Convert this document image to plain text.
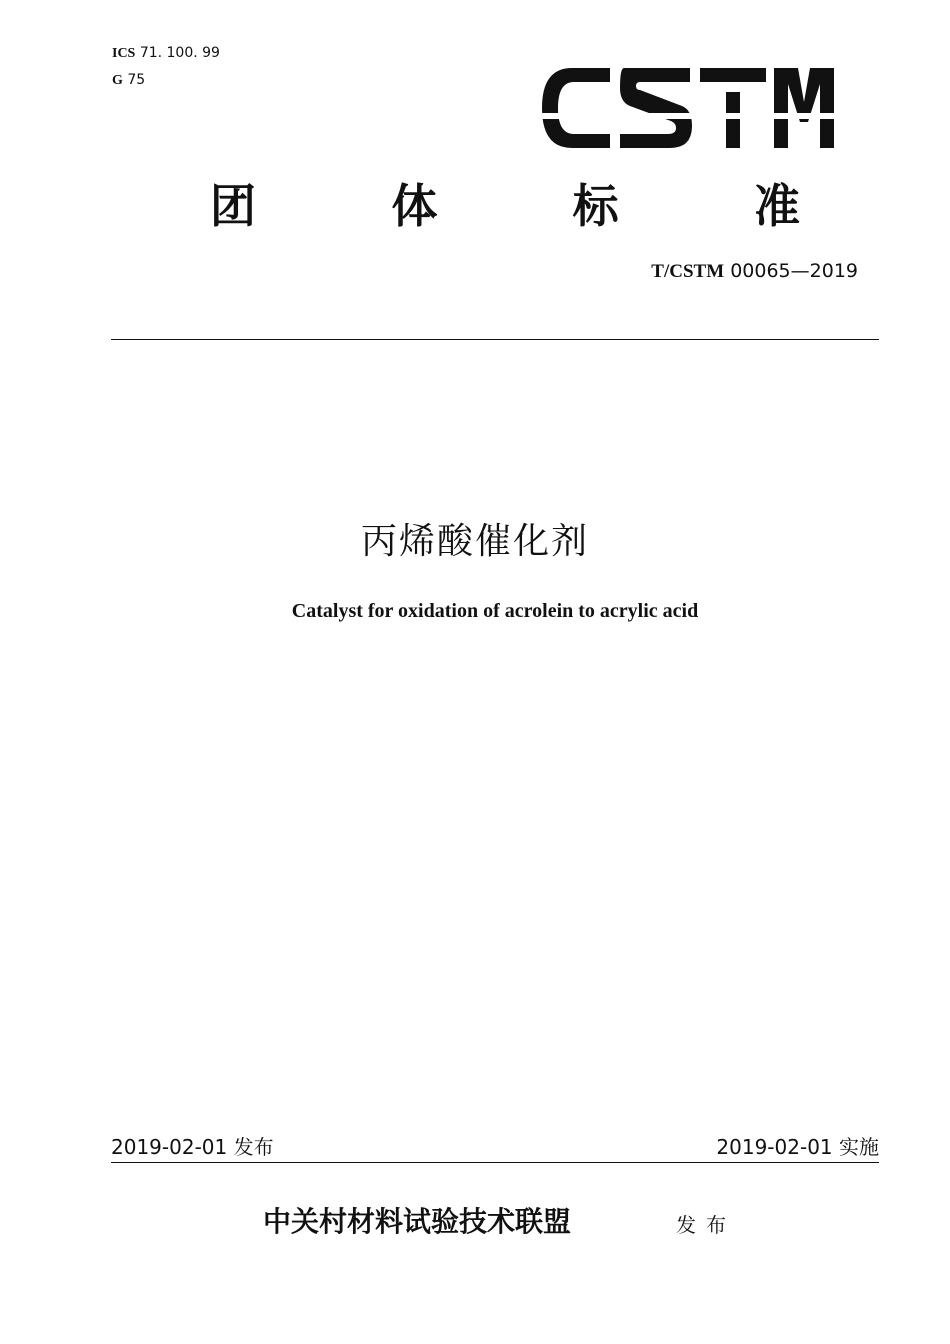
ICS 71. 100. 99
G 75
团	体	标	准
T/CSTM 00065—2019
丙烯酸催化剂
Catalyst for oxidation of acrolein to acrylic acid
2019-02-01 发布	2019-02-01 实施
中关村材料试验技术联盟	发布
